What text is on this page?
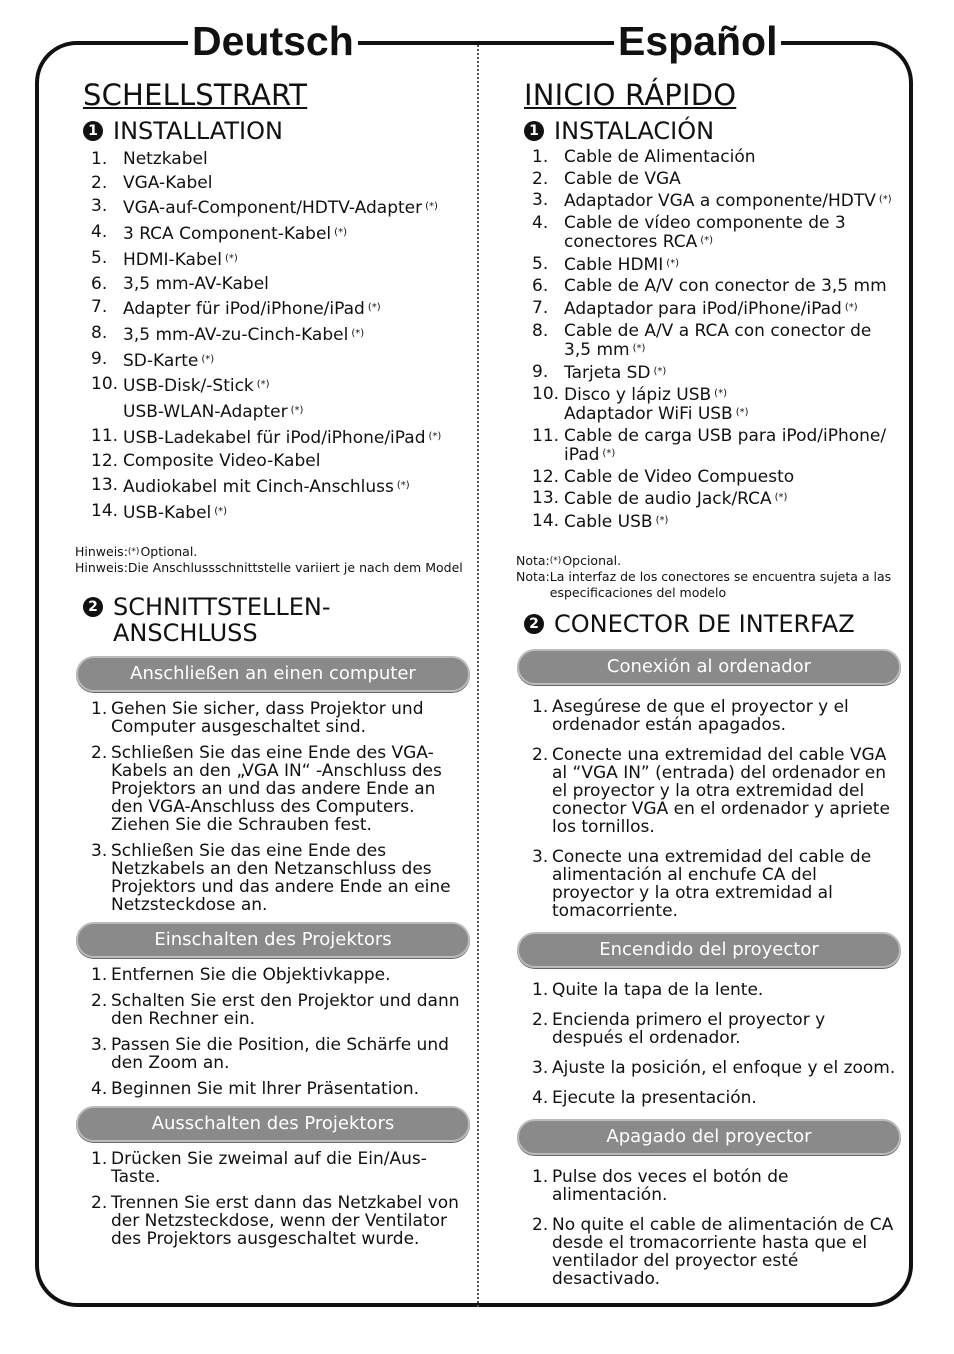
Deutsch	Español
SCHELLSTRART
1 INSTALLATION
1. Netzkabel
2. VGA-Kabel
3. VGA-auf-Component/HDTV-Adapter (*)
4. 3 RCA Component-Kabel (*)
5. HDMI-Kabel (*)
6. 3,5 mm-AV-Kabel
7. Adapter für iPod/iPhone/iPad (*)
8. 3,5 mm-AV-zu-Cinch-Kabel (*)
9. SD-Karte (*)
10. USB-Disk/-Stick (*)
USB-WLAN-Adapter (*)
11. USB-Ladekabel für iPod/iPhone/iPad (*)
12. Composite Video-Kabel
13. Audiokabel mit Cinch-Anschluss (*)
14. USB-Kabel (*)
Hinweis: (*) Optional.
Hinweis: Die Anschlussschnittstelle variiert je nach dem Model
2 SCHNITTSTELLEN-
ANSCHLUSS
Anschließen an einen computer
1. Gehen Sie sicher, dass Projektor und Computer ausgeschaltet sind.
2. Schließen Sie das eine Ende des VGA-Kabels an den „VGA IN“ -Anschluss des Projektors an und das andere Ende an den VGA-Anschluss des Computers. Ziehen Sie die Schrauben fest.
3. Schließen Sie das eine Ende des Netzkabels an den Netzanschluss des Projektors und das andere Ende an eine Netzsteckdose an.
Einschalten des Projektors
1. Entfernen Sie die Objektivkappe.
2. Schalten Sie erst den Projektor und dann den Rechner ein.
3. Passen Sie die Position, die Schärfe und den Zoom an.
4. Beginnen Sie mit lhrer Präsentation.
Ausschalten des Projektors
1. Drücken Sie zweimal auf die Ein/Aus-Taste.
2. Trennen Sie erst dann das Netzkabel von der Netzsteckdose, wenn der Ventilator des Projektors ausgeschaltet wurde.
INICIO RÁPIDO
1 INSTALACIÓN
1. Cable de Alimentación
2. Cable de VGA
3. Adaptador VGA a componente/HDTV (*)
4. Cable de vídeo componente de 3 conectores RCA (*)
5. Cable HDMI (*)
6. Cable de A/V con conector de 3,5 mm
7. Adaptador para iPod/iPhone/iPad (*)
8. Cable de A/V a RCA con conector de 3,5 mm (*)
9. Tarjeta SD (*)
10. Disco y lápiz USB (*)
Adaptador WiFi USB (*)
11. Cable de carga USB para iPod/iPhone/ iPad (*)
12. Cable de Video Compuesto
13. Cable de audio Jack/RCA (*)
14. Cable USB (*)
Nota: (*) Opcional.
Nota: La interfaz de los conectores se encuentra sujeta a las especificaciones del modelo
2 CONECTOR DE INTERFAZ
Conexión al ordenador
1. Asegúrese de que el proyector y el ordenador están apagados.
2. Conecte una extremidad del cable VGA al “VGA IN” (entrada) del ordenador en el proyector y la otra extremidad del conector VGA en el ordenador y apriete los tornillos.
3. Conecte una extremidad del cable de alimentación al enchufe CA del proyector y la otra extremidad al tomacorriente.
Encendido del proyector
1. Quite la tapa de la lente.
2. Encienda primero el proyector y después el ordenador.
3. Ajuste la posición, el enfoque y el zoom.
4. Ejecute la presentación.
Apagado del proyector
1. Pulse dos veces el botón de alimentación.
2. No quite el cable de alimentación de CA desde el tromacorriente hasta que el ventilador del proyector esté desactivado.
